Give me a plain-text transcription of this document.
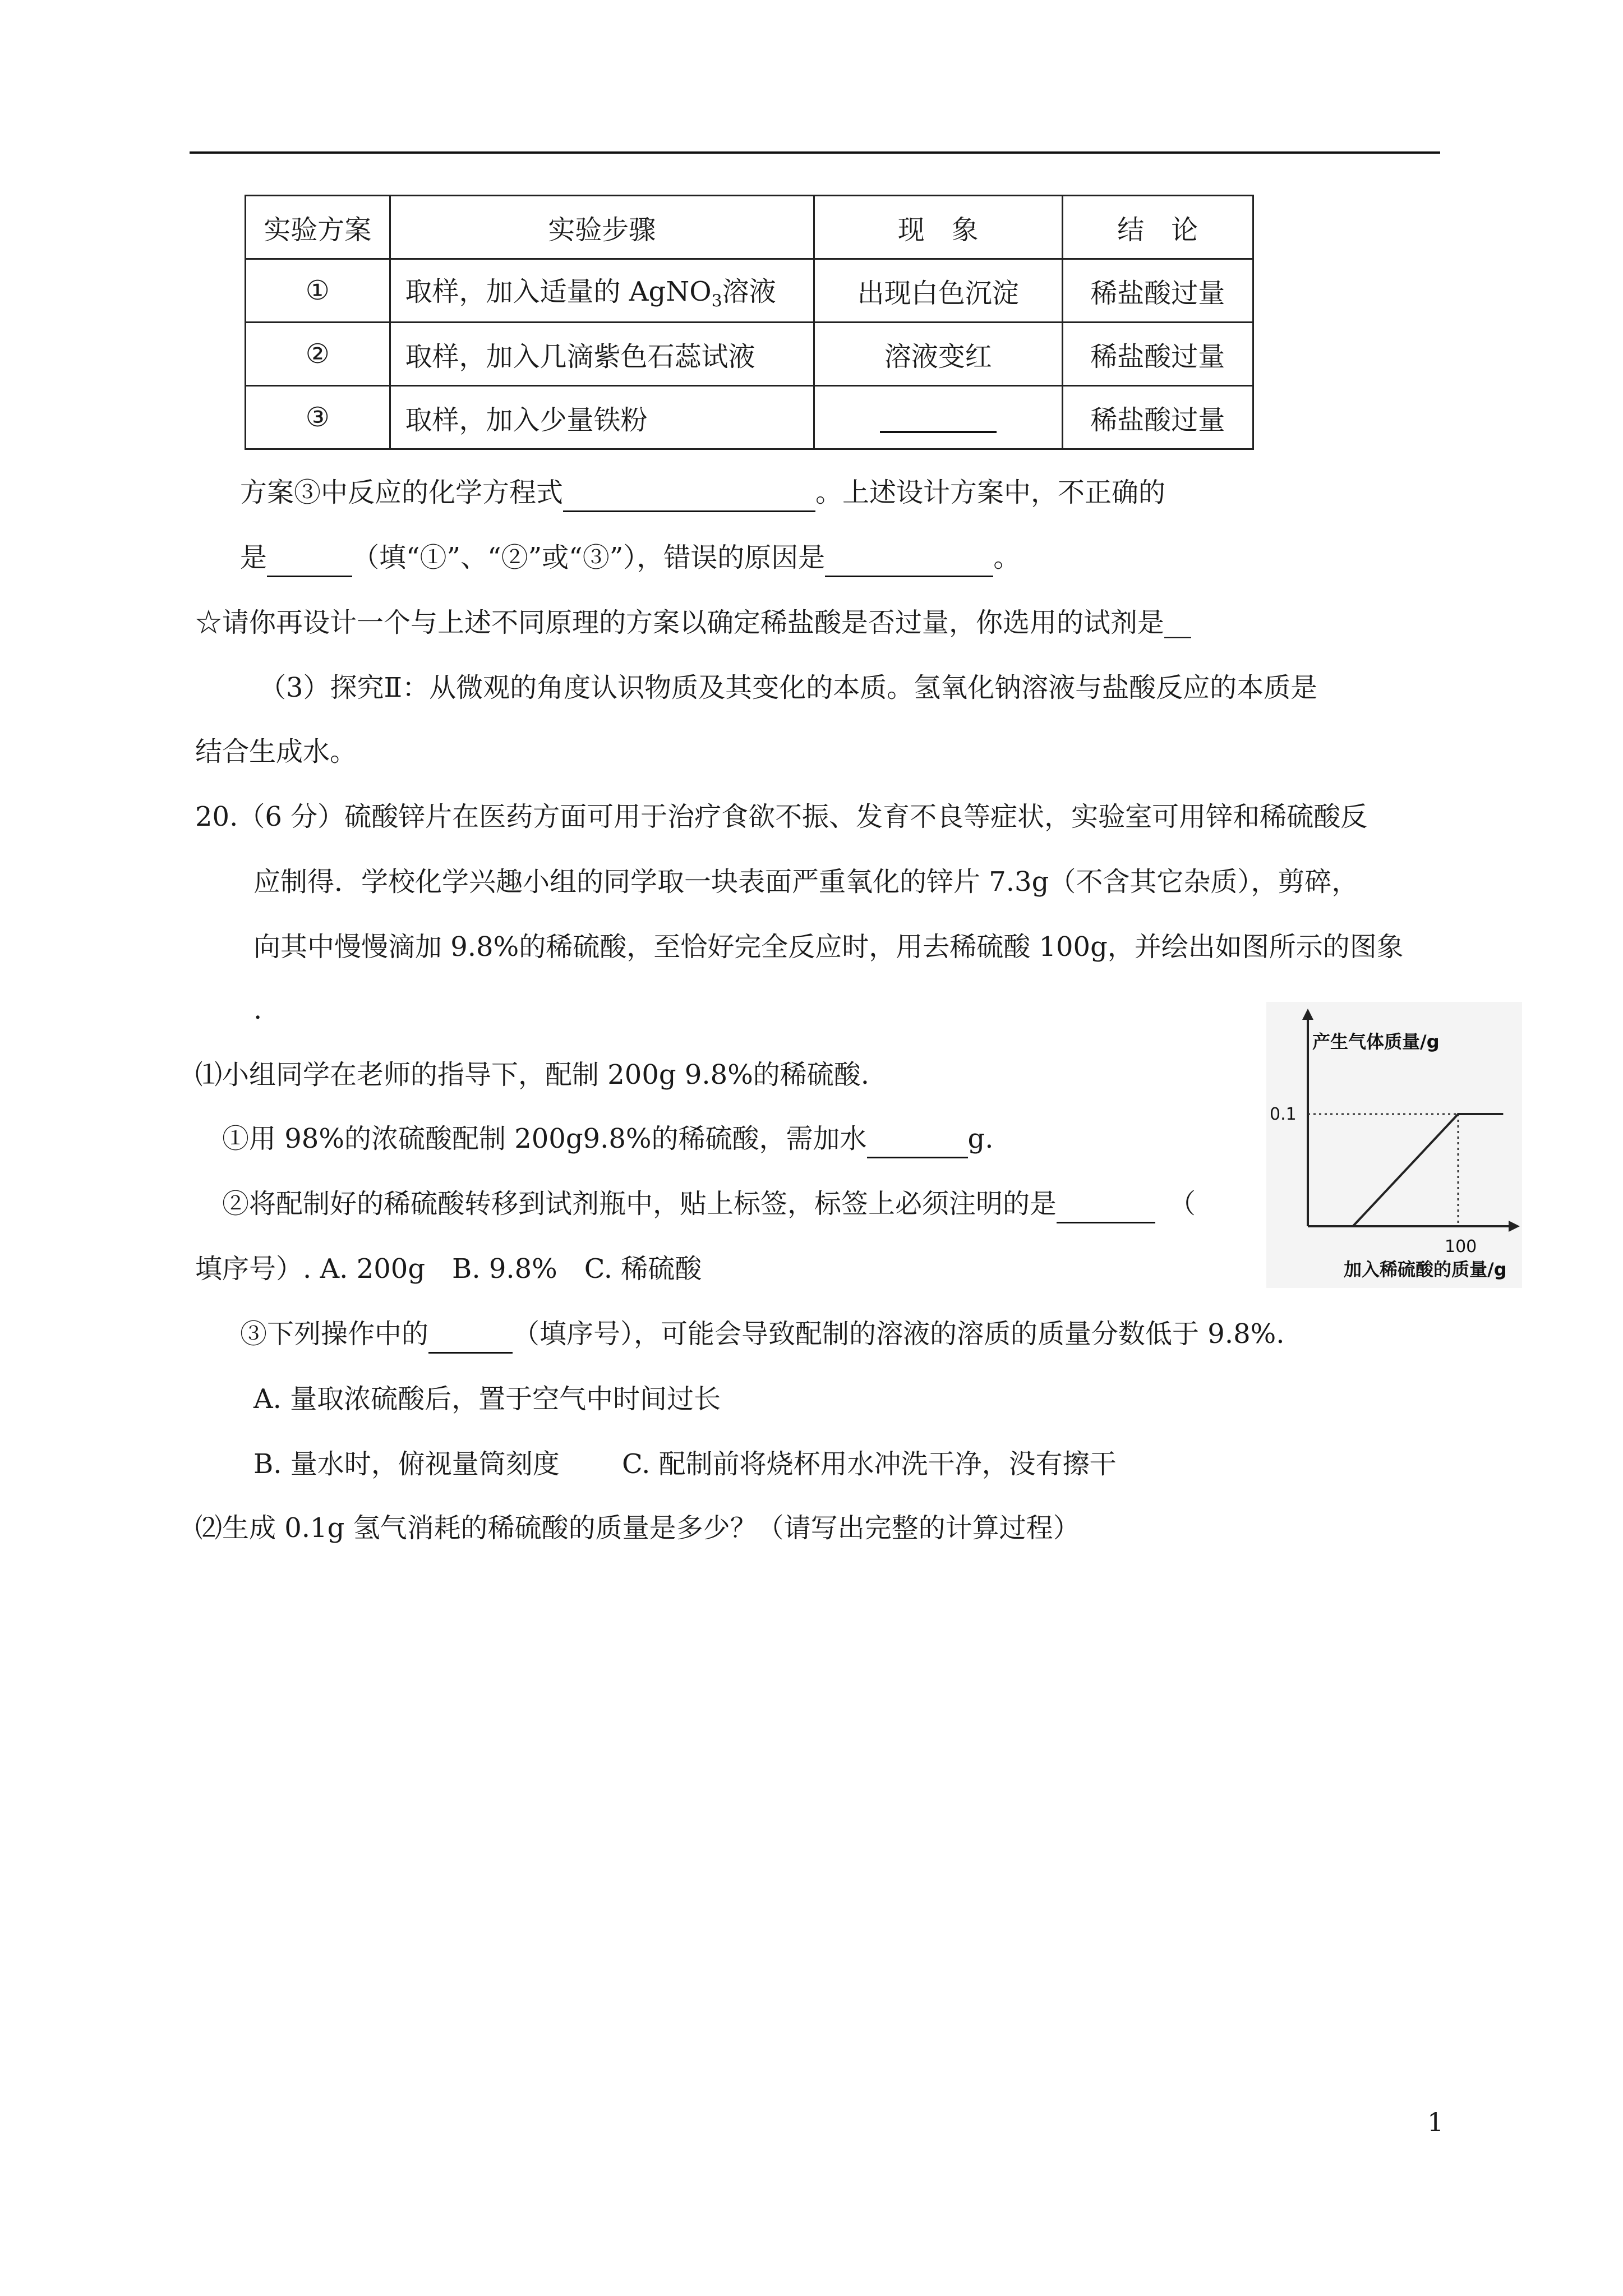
实验方案	实验步骤	现　象	结　论
①	取样，加入适量的 AgNO$_3$溶液	出现白色沉淀	稀盐酸过量
②	取样，加入几滴紫色石蕊试液	溶液变红	稀盐酸过量
③	取样，加入少量铁粉		稀盐酸过量
方案③中反应的化学方程式	。上述设计方案中，不正确的
是	（填“①”、“②”或“③”），错误的原因是	。
☆请你再设计一个与上述不同原理的方案以确定稀盐酸是否过量，你选用的试剂是__
（3）探究Ⅱ：从微观的角度认识物质及其变化的本质。氢氧化钠溶液与盐酸反应的本质是
结合生成水。
20.（6 分）硫酸锌片在医药方面可用于治疗食欲不振、发育不良等症状，实验室可用锌和稀硫酸反
应制得．学校化学兴趣小组的同学取一块表面严重氧化的锌片 7.3g（不含其它杂质），剪碎，
向其中慢慢滴加 9.8%的稀硫酸，至恰好完全反应时，用去稀硫酸 100g，并绘出如图所示的图象
.
⑴小组同学在老师的指导下，配制 200g 9.8%的稀硫酸.
①用 98%的浓硫酸配制 200g9.8%的稀硫酸，需加水	g.
②将配制好的稀硫酸转移到试剂瓶中，贴上标签，标签上必须注明的是	（
填序号）. A. 200g　B. 9.8%　C. 稀硫酸
③下列操作中的	（填序号），可能会导致配制的溶液的溶质的质量分数低于 9.8%.
A. 量取浓硫酸后，置于空气中时间过长
B. 量水时，俯视量筒刻度　　 C. 配制前将烧杯用水冲洗干净，没有擦干
⑵生成 0.1g 氢气消耗的稀硫酸的质量是多少？（请写出完整的计算过程）
产生气体质量/g
加入稀硫酸的质量/g
0.1
100
1
